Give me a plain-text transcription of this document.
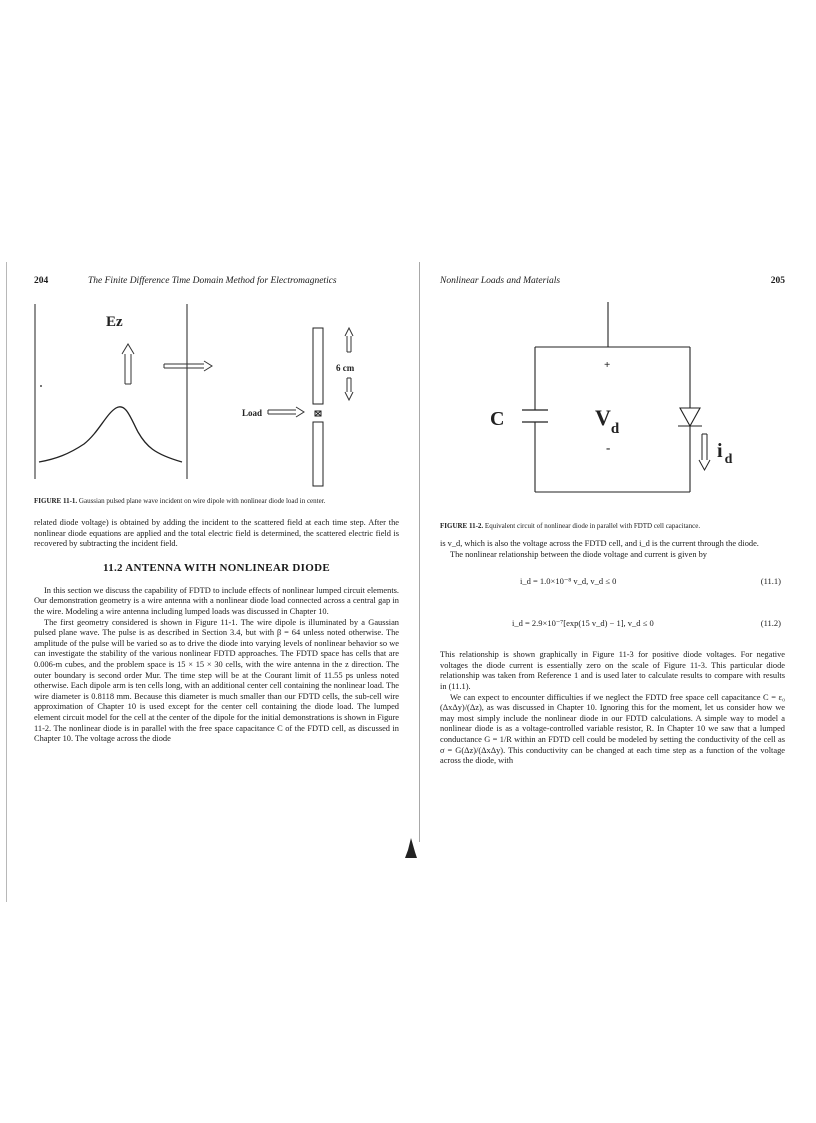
204	The Finite Difference Time Domain Method for Electromagnetics
Ez
6 cm
Load

FIGURE 11-1. Gaussian pulsed plane wave incident on wire dipole with nonlinear diode load in center.

related diode voltage) is obtained by adding the incident to the scattered field at each time step. After the nonlinear diode equations are applied and the total electric field is determined, the scattered electric field is recovered by subtracting the incident field.

11.2 ANTENNA WITH NONLINEAR DIODE

In this section we discuss the capability of FDTD to include effects of nonlinear lumped circuit elements. Our demonstration geometry is a wire antenna with a nonlinear diode load connected across a central gap in the wire. Modeling a wire antenna including lumped loads was discussed in Chapter 10.

The first geometry considered is shown in Figure 11-1. The wire dipole is illuminated by a Gaussian pulsed plane wave. The pulse is as described in Section 3.4, but with β = 64 unless noted otherwise. The amplitude of the pulse will be varied so as to drive the diode into varying levels of nonlinear behavior so we can investigate the stability of the various nonlinear FDTD approaches. The FDTD space has cells that are 0.006-m cubes, and the problem space is 15 × 15 × 30 cells, with the wire antenna in the z direction. The outer boundary is second order Mur. The time step will be at the Courant limit of 11.55 ps unless noted otherwise. Each dipole arm is ten cells long, with an additional center cell containing the nonlinear load. The wire diameter is 0.8118 mm. Because this diameter is much smaller than our FDTD cells, the sub-cell wire approximation of Chapter 10 is used except for the center cell containing the diode load. The lumped element circuit model for the cell at the center of the dipole for the initial demonstrations is shown in Figure 11-2. The nonlinear diode is in parallel with the free space capacitance C of the FDTD cell, as discussed in Chapter 10. The voltage across the diode

Nonlinear Loads and Materials	205
+
C	$V_d$
-	i $_d$

FIGURE 11-2. Equivalent circuit of nonlinear diode in parallel with FDTD cell capacitance.

is v_d, which is also the voltage across the FDTD cell, and i_d is the current through the diode.

The nonlinear relationship between the diode voltage and current is given by

i_d = 1.0×10⁻⁸ v_d, v_d ≤ 0	(11.1)
i_d = 2.9×10⁻⁷[exp(15 v_d) − 1], v_d ≤ 0	(11.2)

This relationship is shown graphically in Figure 11-3 for positive diode voltages. For negative voltages the diode current is essentially zero on the scale of Figure 11-3. This particular diode relationship was taken from Reference 1 and is used later to calculate results to compare with results in (11.1).

We can expect to encounter difficulties if we neglect the FDTD free space cell capacitance C = ε₀ (ΔxΔy)/(Δz), as was discussed in Chapter 10. Ignoring this for the moment, let us consider how we may most simply include the nonlinear diode in our FDTD calculations. A simple way to model a nonlinear diode is as a voltage-controlled variable resistor, R. In Chapter 10 we saw that a lumped conductance G = 1/R within an FDTD cell could be modeled by setting the conductivity of the cell as σ = G(Δz)/(ΔxΔy). This conductivity can be changed at each time step as a function of the voltage across the diode, with
